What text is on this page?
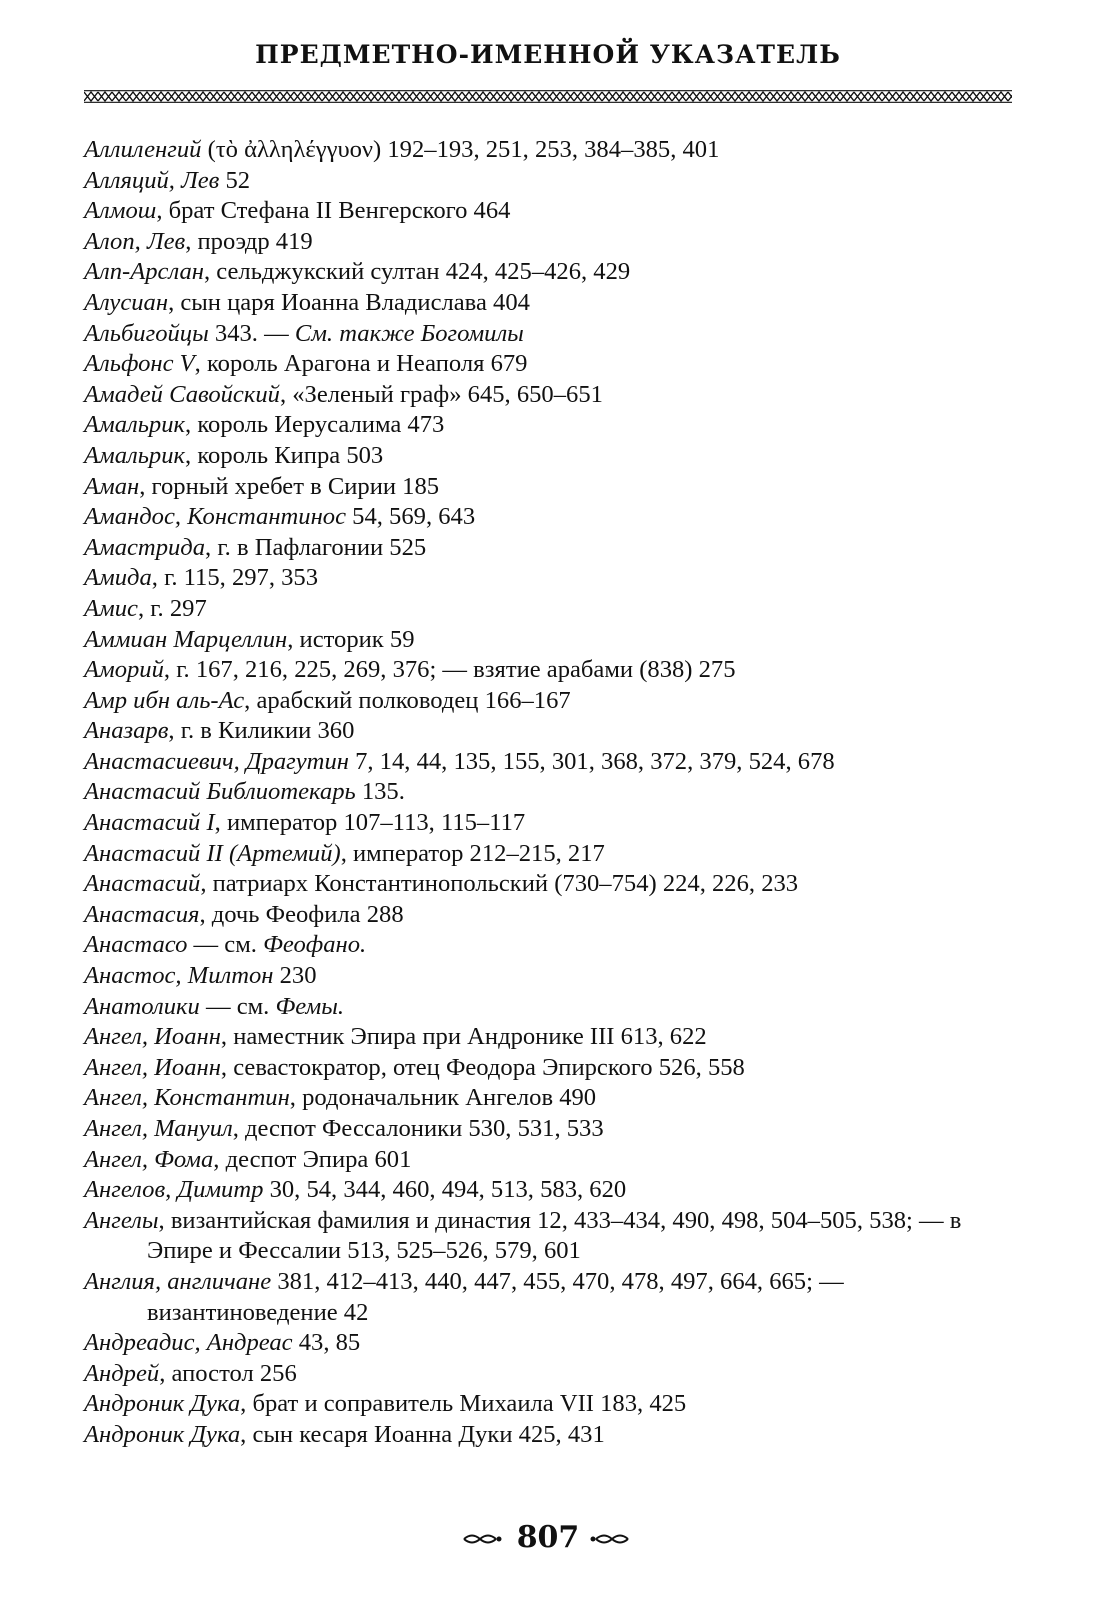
ПРЕДМЕТНО-ИМЕННОЙ УКАЗАТЕЛЬ
Аллиленгий (τὸ ἀλληλέγγυον) 192–193, 251, 253, 384–385, 401
Алляций, Лев 52
Алмош, брат Стефана II Венгерского 464
Алоп, Лев, проэдр 419
Алп-Арслан, сельджукский султан 424, 425–426, 429
Алусиан, сын царя Иоанна Владислава 404
Альбигойцы 343. — См. также Богомилы
Альфонс V, король Арагона и Неаполя 679
Амадей Савойский, «Зеленый граф» 645, 650–651
Амальрик, король Иерусалима 473
Амальрик, король Кипра 503
Аман, горный хребет в Сирии 185
Амандос, Константинос 54, 569, 643
Амастрида, г. в Пафлагонии 525
Амида, г. 115, 297, 353
Амис, г. 297
Аммиан Марцеллин, историк 59
Аморий, г. 167, 216, 225, 269, 376; — взятие арабами (838) 275
Амр ибн аль-Ас, арабский полководец 166–167
Аназарв, г. в Киликии 360
Анастасиевич, Драгутин 7, 14, 44, 135, 155, 301, 368, 372, 379, 524, 678
Анастасий Библиотекарь 135.
Анастасий I, император 107–113, 115–117
Анастасий II (Артемий), император 212–215, 217
Анастасий, патриарх Константинопольский (730–754) 224, 226, 233
Анастасия, дочь Феофила 288
Анастасо — см. Феофано.
Анастос, Милтон 230
Анатолики — см. Фемы.
Ангел, Иоанн, наместник Эпира при Андронике III 613, 622
Ангел, Иоанн, севастократор, отец Феодора Эпирского 526, 558
Ангел, Константин, родоначальник Ангелов 490
Ангел, Мануил, деспот Фессалоники 530, 531, 533
Ангел, Фома, деспот Эпира 601
Ангелов, Димитр 30, 54, 344, 460, 494, 513, 583, 620
Ангелы, византийская фамилия и династия 12, 433–434, 490, 498, 504–505, 538; — в Эпире и Фессалии 513, 525–526, 579, 601
Англия, англичане 381, 412–413, 440, 447, 455, 470, 478, 497, 664, 665; — византиноведение 42
Андреадис, Андреас 43, 85
Андрей, апостол 256
Андроник Дука, брат и соправитель Михаила VII 183, 425
Андроник Дука, сын кесаря Иоанна Дуки 425, 431
807
